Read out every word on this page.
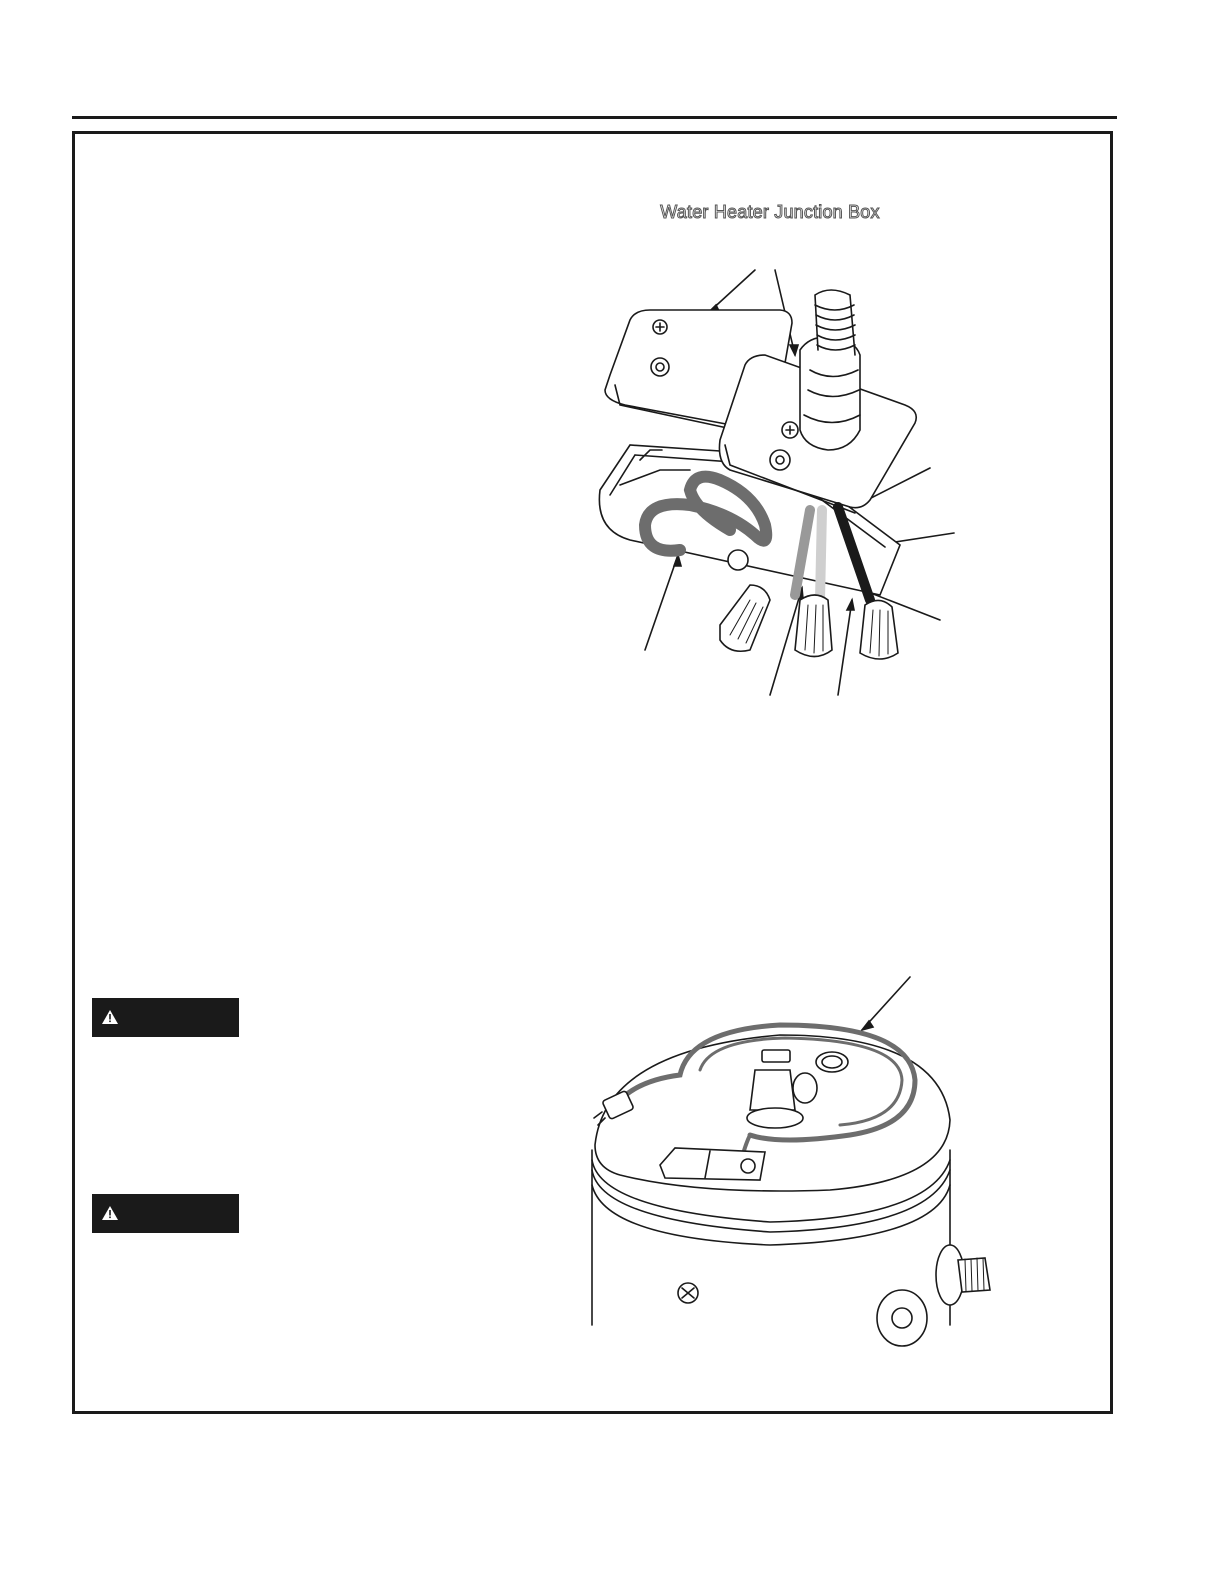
Water Heater Junction Box
